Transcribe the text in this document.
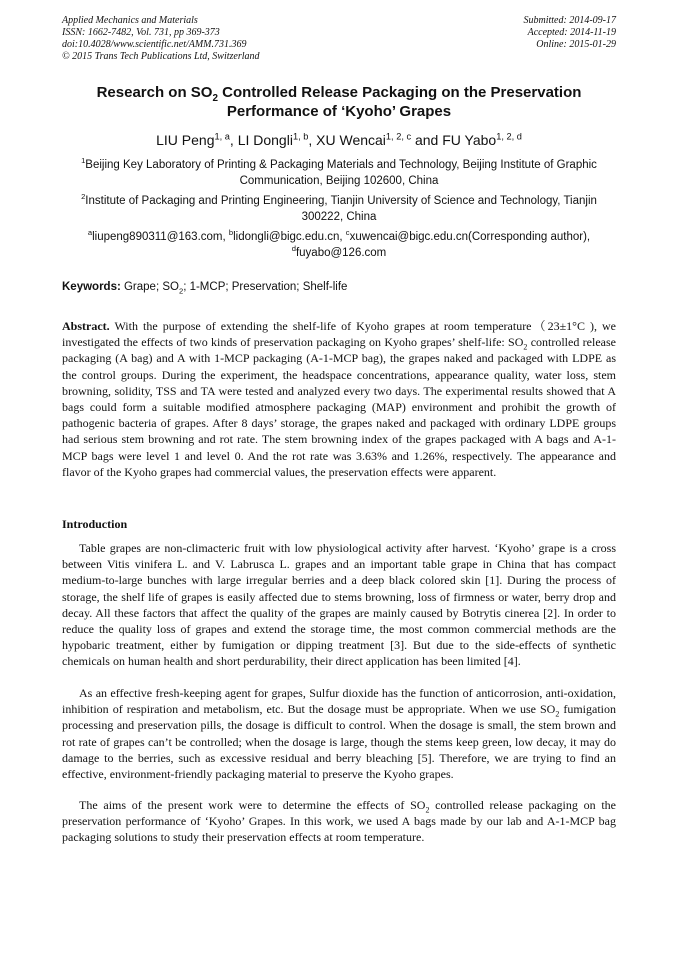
Applied Mechanics and Materials
ISSN: 1662-7482, Vol. 731, pp 369-373
doi:10.4028/www.scientific.net/AMM.731.369
© 2015 Trans Tech Publications Ltd, Switzerland
Submitted: 2014-09-17
Accepted: 2014-11-19
Online: 2015-01-29
Research on $SO_2$ Controlled Release Packaging on the Preservation Performance of ‘Kyoho’ Grapes
LIU Peng$^{1, a}$, LI Dongli$^{1, b}$, XU Wencai$^{1, 2, c}$ and FU Yabo$^{1, 2, d}$
$^1$Beijing Key Laboratory of Printing & Packaging Materials and Technology, Beijing Institute of Graphic Communication, Beijing 102600, China
$^2$Institute of Packaging and Printing Engineering, Tianjin University of Science and Technology, Tianjin 300222, China
$^a$liupeng890311@163.com, $^b$lidongli@bigc.edu.cn, $^c$xuwencai@bigc.edu.cn(Corresponding author),
$^d$fuyabo@126.com
Keywords: Grape; $SO_2$; 1-MCP; Preservation; Shelf-life

Abstract. With the purpose of extending the shelf-life of Kyoho grapes at room temperature（23±1°C ), we investigated the effects of two kinds of preservation packaging on Kyoho grapes’ shelf-life: $SO_2$ controlled release packaging (A bag) and A with 1-MCP packaging (A-1-MCP bag), the grapes naked and packaged with LDPE as the control groups. During the experiment, the headspace concentrations, appearance quality, water loss, stem browning, solidity, TSS and TA were tested and analyzed every two days. The experimental results showed that A bags could form a suitable modified atmosphere packaging (MAP) environment and prohibit the growth of pathogenic bacteria of grapes. After 8 days’ storage, the grapes naked and packaged with ordinary LDPE groups had serious stem browning and rot rate. The stem browning index of the grapes packaged with A bags and A-1-MCP bags were level 1 and level 0. And the rot rate was 3.63% and 1.26%, respectively. The appearance and flavor of the Kyoho grapes had commercial values, the preservation effects were apparent.

Introduction

Table grapes are non-climacteric fruit with low physiological activity after harvest. ‘Kyoho’ grape is a cross between Vitis vinifera L. and V. Labrusca L. grapes and an important table grape in China that has compact medium-to-large bunches with large irregular berries and a deep black colored skin [1]. During the process of storage, the shelf life of grapes is easily affected due to stems browning, loss of firmness or water, berry drop and decay. All these factors that affect the quality of the grapes are mainly caused by Botrytis cinerea [2]. In order to reduce the quality loss of grapes and extend the storage time, the most common commercial methods are the hypobaric treatment, either by fumigation or dipping treatment [3]. But due to the side-effects of synthetic chemicals on human health and short perdurability, their direct application has been limited [4].

As an effective fresh-keeping agent for grapes, Sulfur dioxide has the function of anticorrosion, anti-oxidation, inhibition of respiration and metabolism, etc. But the dosage must be appropriate. When we use $SO_2$ fumigation processing and preservation pills, the dosage is difficult to control. When the dosage is small, the stem brown and rot rate of grapes can’t be controlled; when the dosage is large, though the stems keep green, low decay, it may do damage to the berries, such as excessive residual and berry bleaching [5]. Therefore, we are trying to find an effective, environment-friendly packaging material to preserve the Kyoho grapes.

The aims of the present work were to determine the effects of $SO_2$ controlled release packaging on the preservation performance of ‘Kyoho’ Grapes. In this work, we used A bags made by our lab and A-1-MCP bag packaging solutions to study their preservation effects at room temperature.
